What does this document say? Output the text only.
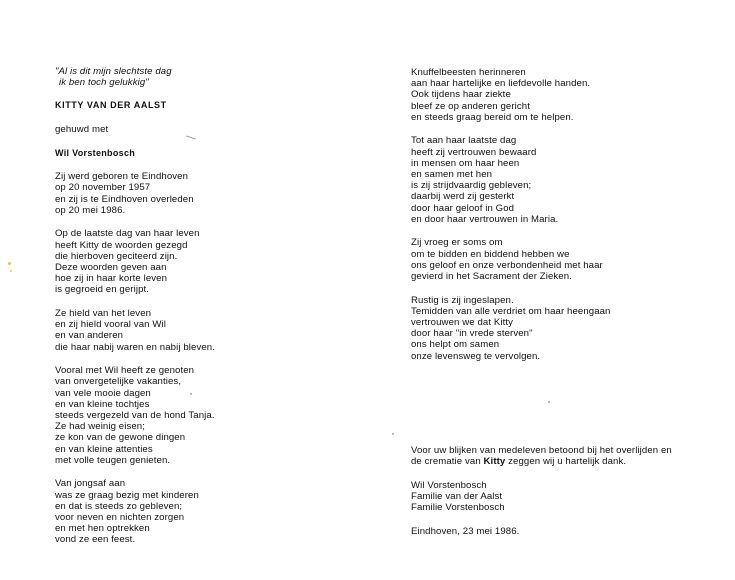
"Al is dit mijn slechtste dag
ik ben toch gelukkig"
KITTY VAN DER AALST
gehuwd met
Wil Vorstenbosch
Zij werd geboren te Eindhoven
op 20 november 1957
en zij is te Eindhoven overleden
op 20 mei 1986.
Op de laatste dag van haar leven
heeft Kitty de woorden gezegd
die hierboven geciteerd zijn.
Deze woorden geven aan
hoe zij in haar korte leven
is gegroeid en gerijpt.
Ze hield van het leven
en zij hield vooral van Wil
en van anderen
die haar nabij waren en nabij bleven.
Vooral met Wil heeft ze genoten
van onvergetelijke vakanties,
van vele mooie dagen
en van kleine tochtjes
steeds vergezeld van de hond Tanja.
Ze had weinig eisen;
ze kon van de gewone dingen
en van kleine attenties
met volle teugen genieten.
Van jongsaf aan
was ze graag bezig met kinderen
en dat is steeds zo gebleven;
voor neven en nichten zorgen
en met hen optrekken
vond ze een feest.
Knuffelbeesten herinneren
aan haar hartelijke en liefdevolle handen.
Ook tijdens haar ziekte
bleef ze op anderen gericht
en steeds graag bereid om te helpen.
Tot aan haar laatste dag
heeft zij vertrouwen bewaard
in mensen om haar heen
en samen met hen
is zij strijdvaardig gebleven;
daarbij werd zij gesterkt
door haar geloof in God
en door haar vertrouwen in Maria.
Zij vroeg er soms om
om te bidden en biddend hebben we
ons geloof en onze verbondenheid met haar
gevierd in het Sacrament der Zieken.
Rustig is zij ingeslapen.
Temidden van alle verdriet om haar heengaan
vertrouwen we dat Kitty
door haar "in vrede sterven"
ons helpt om samen
onze levensweg te vervolgen.
Voor uw blijken van medeleven betoond bij het overlijden en
de crematie van Kitty zeggen wij u hartelijk dank.
Wil Vorstenbosch
Familie van der Aalst
Familie Vorstenbosch
Eindhoven, 23 mei 1986.
